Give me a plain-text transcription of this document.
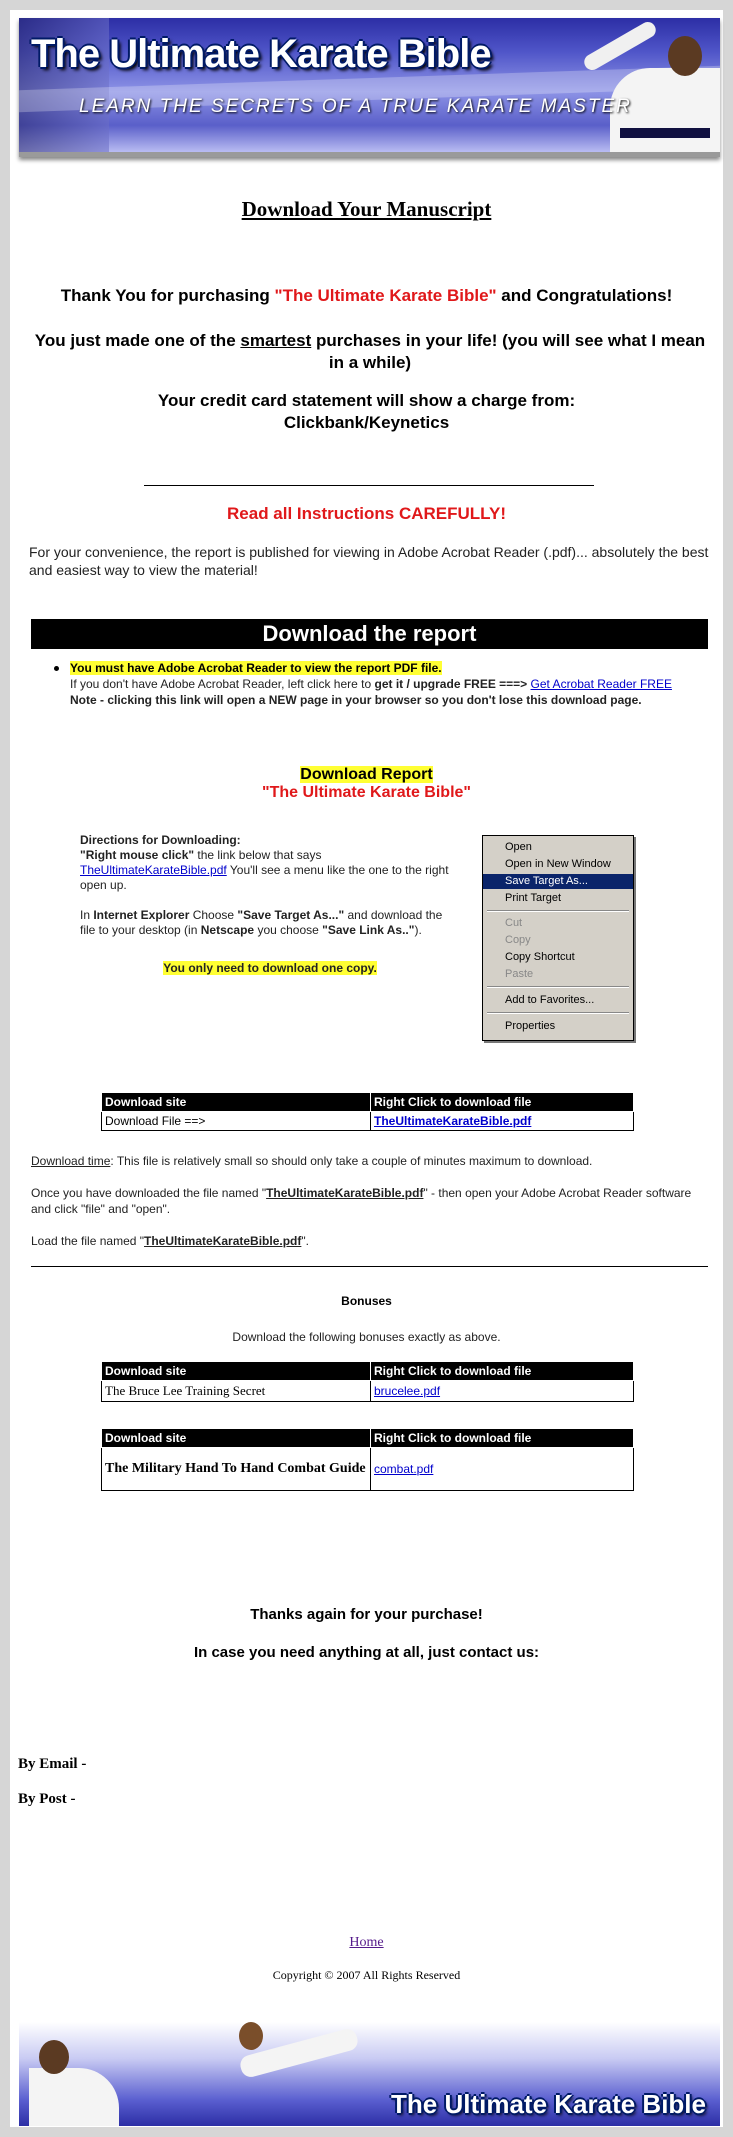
The Ultimate Karate Bible
LEARN THE SECRETS OF A TRUE KARATE MASTER
Download Your Manuscript
Thank You for purchasing "The Ultimate Karate Bible" and Congratulations!
You just made one of the smartest purchases in your life! (you will see what I mean in a while)
Your credit card statement will show a charge from:
Clickbank/Keynetics
Read all Instructions CAREFULLY!
For your convenience, the report is published for viewing in Adobe Acrobat Reader (.pdf)... absolutely the best and easiest way to view the material!
Download the report
You must have Adobe Acrobat Reader to view the report PDF file.
If you don't have Adobe Acrobat Reader, left click here to get it / upgrade FREE ===> Get Acrobat Reader FREE
Note - clicking this link will open a NEW page in your browser so you don't lose this download page.
Download Report
"The Ultimate Karate Bible"
Directions for Downloading:
"Right mouse click" the link below that says TheUltimateKarateBible.pdf You'll see a menu like the one to the right open up.

In Internet Explorer Choose "Save Target As..." and download the file to your desktop (in Netscape you choose "Save Link As..").

You only need to download one copy.
Open
Open in New Window
Save Target As...
Print Target
Cut
Copy
Copy Shortcut
Paste
Add to Favorites...
Properties
Download site	Right Click to download file
Download File ==>	TheUltimateKarateBible.pdf
Download time: This file is relatively small so should only take a couple of minutes maximum to download.

Once you have downloaded the file named "TheUltimateKarateBible.pdf" - then open your Adobe Acrobat Reader software and click "file" and "open".

Load the file named "TheUltimateKarateBible.pdf".
Bonuses
Download the following bonuses exactly as above.
Download site	Right Click to download file
The Bruce Lee Training Secret	brucelee.pdf
Download site	Right Click to download file
The Military Hand To Hand Combat Guide	combat.pdf
Thanks again for your purchase!
In case you need anything at all, just contact us:
By Email -
By Post -
Home
Copyright © 2007 All Rights Reserved
The Ultimate Karate Bible
